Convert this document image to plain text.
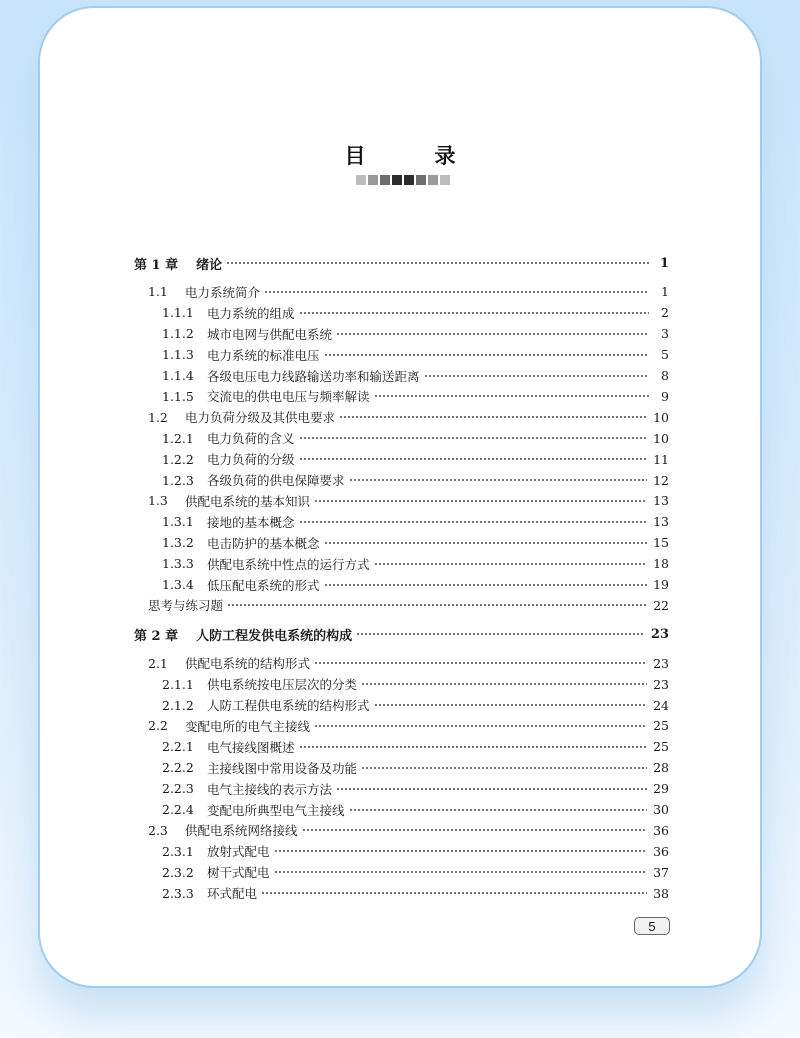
目　录
第 1 章 绪论	1
1.1	电力系统简介	1
1.1.1	电力系统的组成	2
1.1.2	城市电网与供配电系统	3
1.1.3	电力系统的标准电压	5
1.1.4	各级电压电力线路输送功率和输送距离	8
1.1.5	交流电的供电电压与频率解读	9
1.2	电力负荷分级及其供电要求	10
1.2.1	电力负荷的含义	10
1.2.2	电力负荷的分级	11
1.2.3	各级负荷的供电保障要求	12
1.3	供配电系统的基本知识	13
1.3.1	接地的基本概念	13
1.3.2	电击防护的基本概念	15
1.3.3	供配电系统中性点的运行方式	18
1.3.4	低压配电系统的形式	19
思考与练习题	22
第 2 章 人防工程发供电系统的构成	23
2.1	供配电系统的结构形式	23
2.1.1	供电系统按电压层次的分类	23
2.1.2	人防工程供电系统的结构形式	24
2.2	变配电所的电气主接线	25
2.2.1	电气接线图概述	25
2.2.2	主接线图中常用设备及功能	28
2.2.3	电气主接线的表示方法	29
2.2.4	变配电所典型电气主接线	30
2.3	供配电系统网络接线	36
2.3.1	放射式配电	36
2.3.2	树干式配电	37
2.3.3	环式配电	38
5
